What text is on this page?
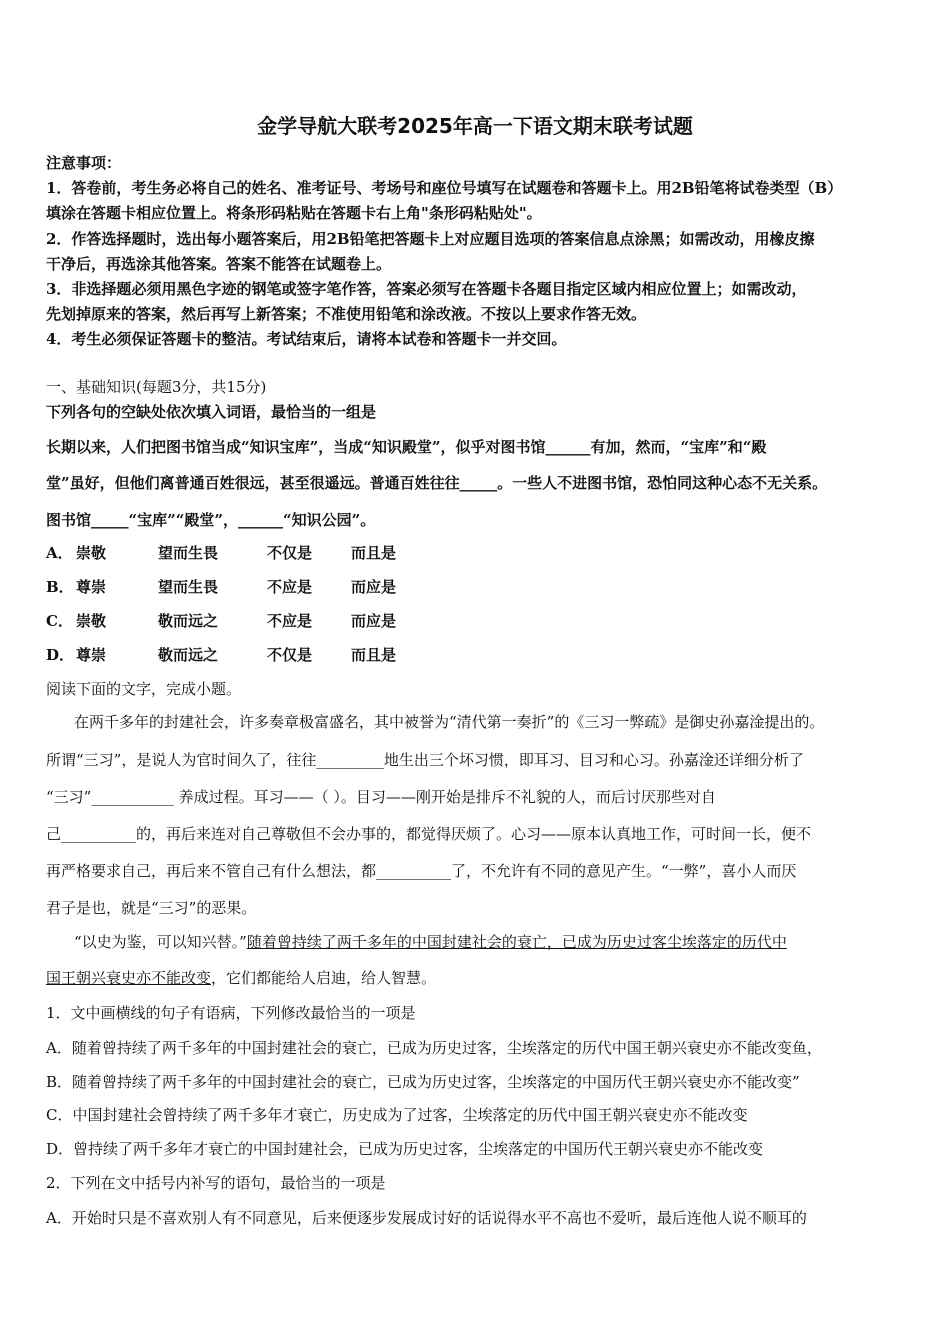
金学导航大联考2025年高一下语文期末联考试题
注意事项：
1．答卷前，考生务必将自己的姓名、准考证号、考场号和座位号填写在试题卷和答题卡上。用2B铅笔将试卷类型（B）
填涂在答题卡相应位置上。将条形码粘贴在答题卡右上角"条形码粘贴处"。
2．作答选择题时，选出每小题答案后，用2B铅笔把答题卡上对应题目选项的答案信息点涂黑；如需改动，用橡皮擦
干净后，再选涂其他答案。答案不能答在试题卷上。
3．非选择题必须用黑色字迹的钢笔或签字笔作答，答案必须写在答题卡各题目指定区域内相应位置上；如需改动，
先划掉原来的答案，然后再写上新答案；不准使用铅笔和涂改液。不按以上要求作答无效。
4．考生必须保证答题卡的整洁。考试结束后，请将本试卷和答题卡一并交回。
一、基础知识(每题3分，共15分)
下列各句的空缺处依次填入词语，最恰当的一组是
长期以来，人们把图书馆当成“知识宝库”，当成“知识殿堂”，似乎对图书馆______有加，然而，“宝库”和“殿
堂”虽好，但他们离普通百姓很远，甚至很遥远。普通百姓往往_____。一些人不进图书馆，恐怕同这种心态不无关系。
图书馆_____“宝库”“殿堂”，______“知识公园”。
A． 崇敬	望而生畏	不仅是	而且是
B． 尊崇	望而生畏	不应是	而应是
C． 崇敬	敬而远之	不应是	而应是
D． 尊崇	敬而远之	不仅是	而且是
阅读下面的文字，完成小题。
在两千多年的封建社会，许多奏章极富盛名，其中被誉为“清代第一奏折”的《三习一弊疏》是御史孙嘉淦提出的。
所谓“三习”，是说人为官时间久了，往往_________地生出三个坏习惯，即耳习、目习和心习。孙嘉淦还详细分析了
“三习”___________ 养成过程。耳习——（ ）。目习——刚开始是排斥不礼貌的人，而后讨厌那些对自
己__________的，再后来连对自己尊敬但不会办事的，都觉得厌烦了。心习——原本认真地工作，可时间一长，便不
再严格要求自己，再后来不管自己有什么想法，都__________了，不允许有不同的意见产生。“一弊”，喜小人而厌
君子是也，就是“三习”的恶果。
“以史为鉴，可以知兴替。”随着曾持续了两千多年的中国封建社会的衰亡，已成为历史过客尘埃落定的历代中
国王朝兴衰史亦不能改变，它们都能给人启迪，给人智慧。
1．文中画横线的句子有语病，下列修改最恰当的一项是
A．随着曾持续了两千多年的中国封建社会的衰亡，已成为历史过客，尘埃落定的历代中国王朝兴衰史亦不能改变鱼，
B．随着曾持续了两千多年的中国封建社会的衰亡，已成为历史过客，尘埃落定的中国历代王朝兴衰史亦不能改变”
C．中国封建社会曾持续了两千多年才衰亡，历史成为了过客，尘埃落定的历代中国王朝兴衰史亦不能改变
D．曾持续了两千多年才衰亡的中国封建社会，已成为历史过客，尘埃落定的中国历代王朝兴衰史亦不能改变
2．下列在文中括号内补写的语句，最恰当的一项是
A．开始时只是不喜欢别人有不同意见，后来便逐步发展成讨好的话说得水平不高也不爱听，最后连他人说不顺耳的
